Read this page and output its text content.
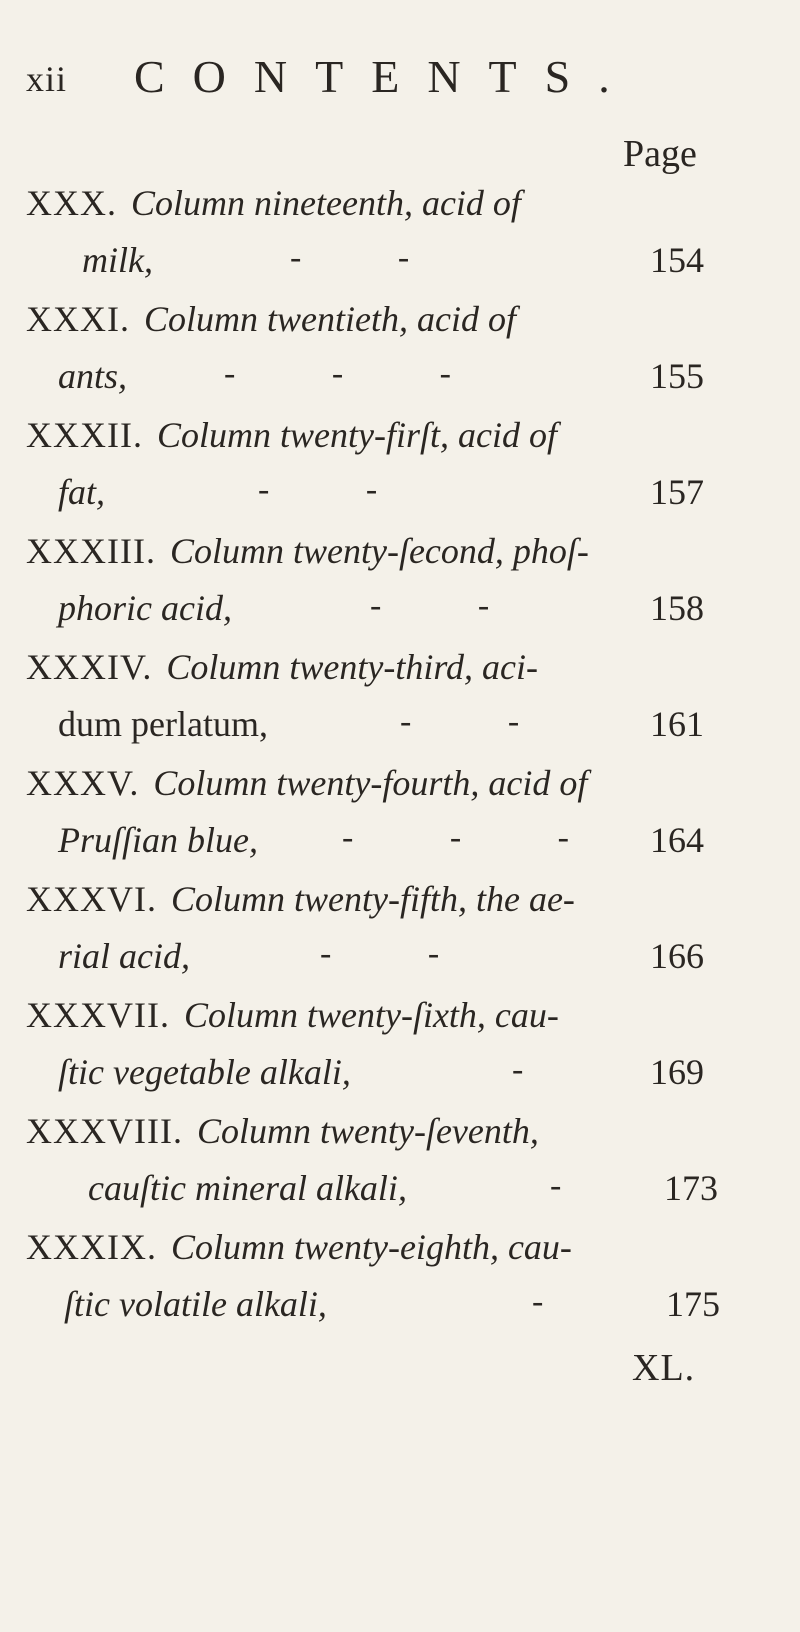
xii CONTENTS.
Page
XXX. Column nineteenth, acid of
milk,	- -	154
XXXI. Column twentieth, acid of
ants,	- - -	155
XXXII. Column twenty-firſt, acid of
fat,	- -	157
XXXIII. Column twenty-ſecond, phoſ-
phoric acid,	- -	158
XXXIV. Column twenty-third, aci-
dum perlatum,	- -	161
XXXV. Column twenty-fourth, acid of
Pruſſian blue, - - -	164
XXXVI. Column twenty-fifth, the ae-
rial acid,	- -	166
XXXVII. Column twenty-ſixth, cau-
ſtic vegetable alkali,	-	169
XXXVIII. Column twenty-ſeventh,
cauſtic mineral alkali,	-	173
XXXIX. Column twenty-eighth, cau-
ſtic volatile alkali,	-	175
XL.
